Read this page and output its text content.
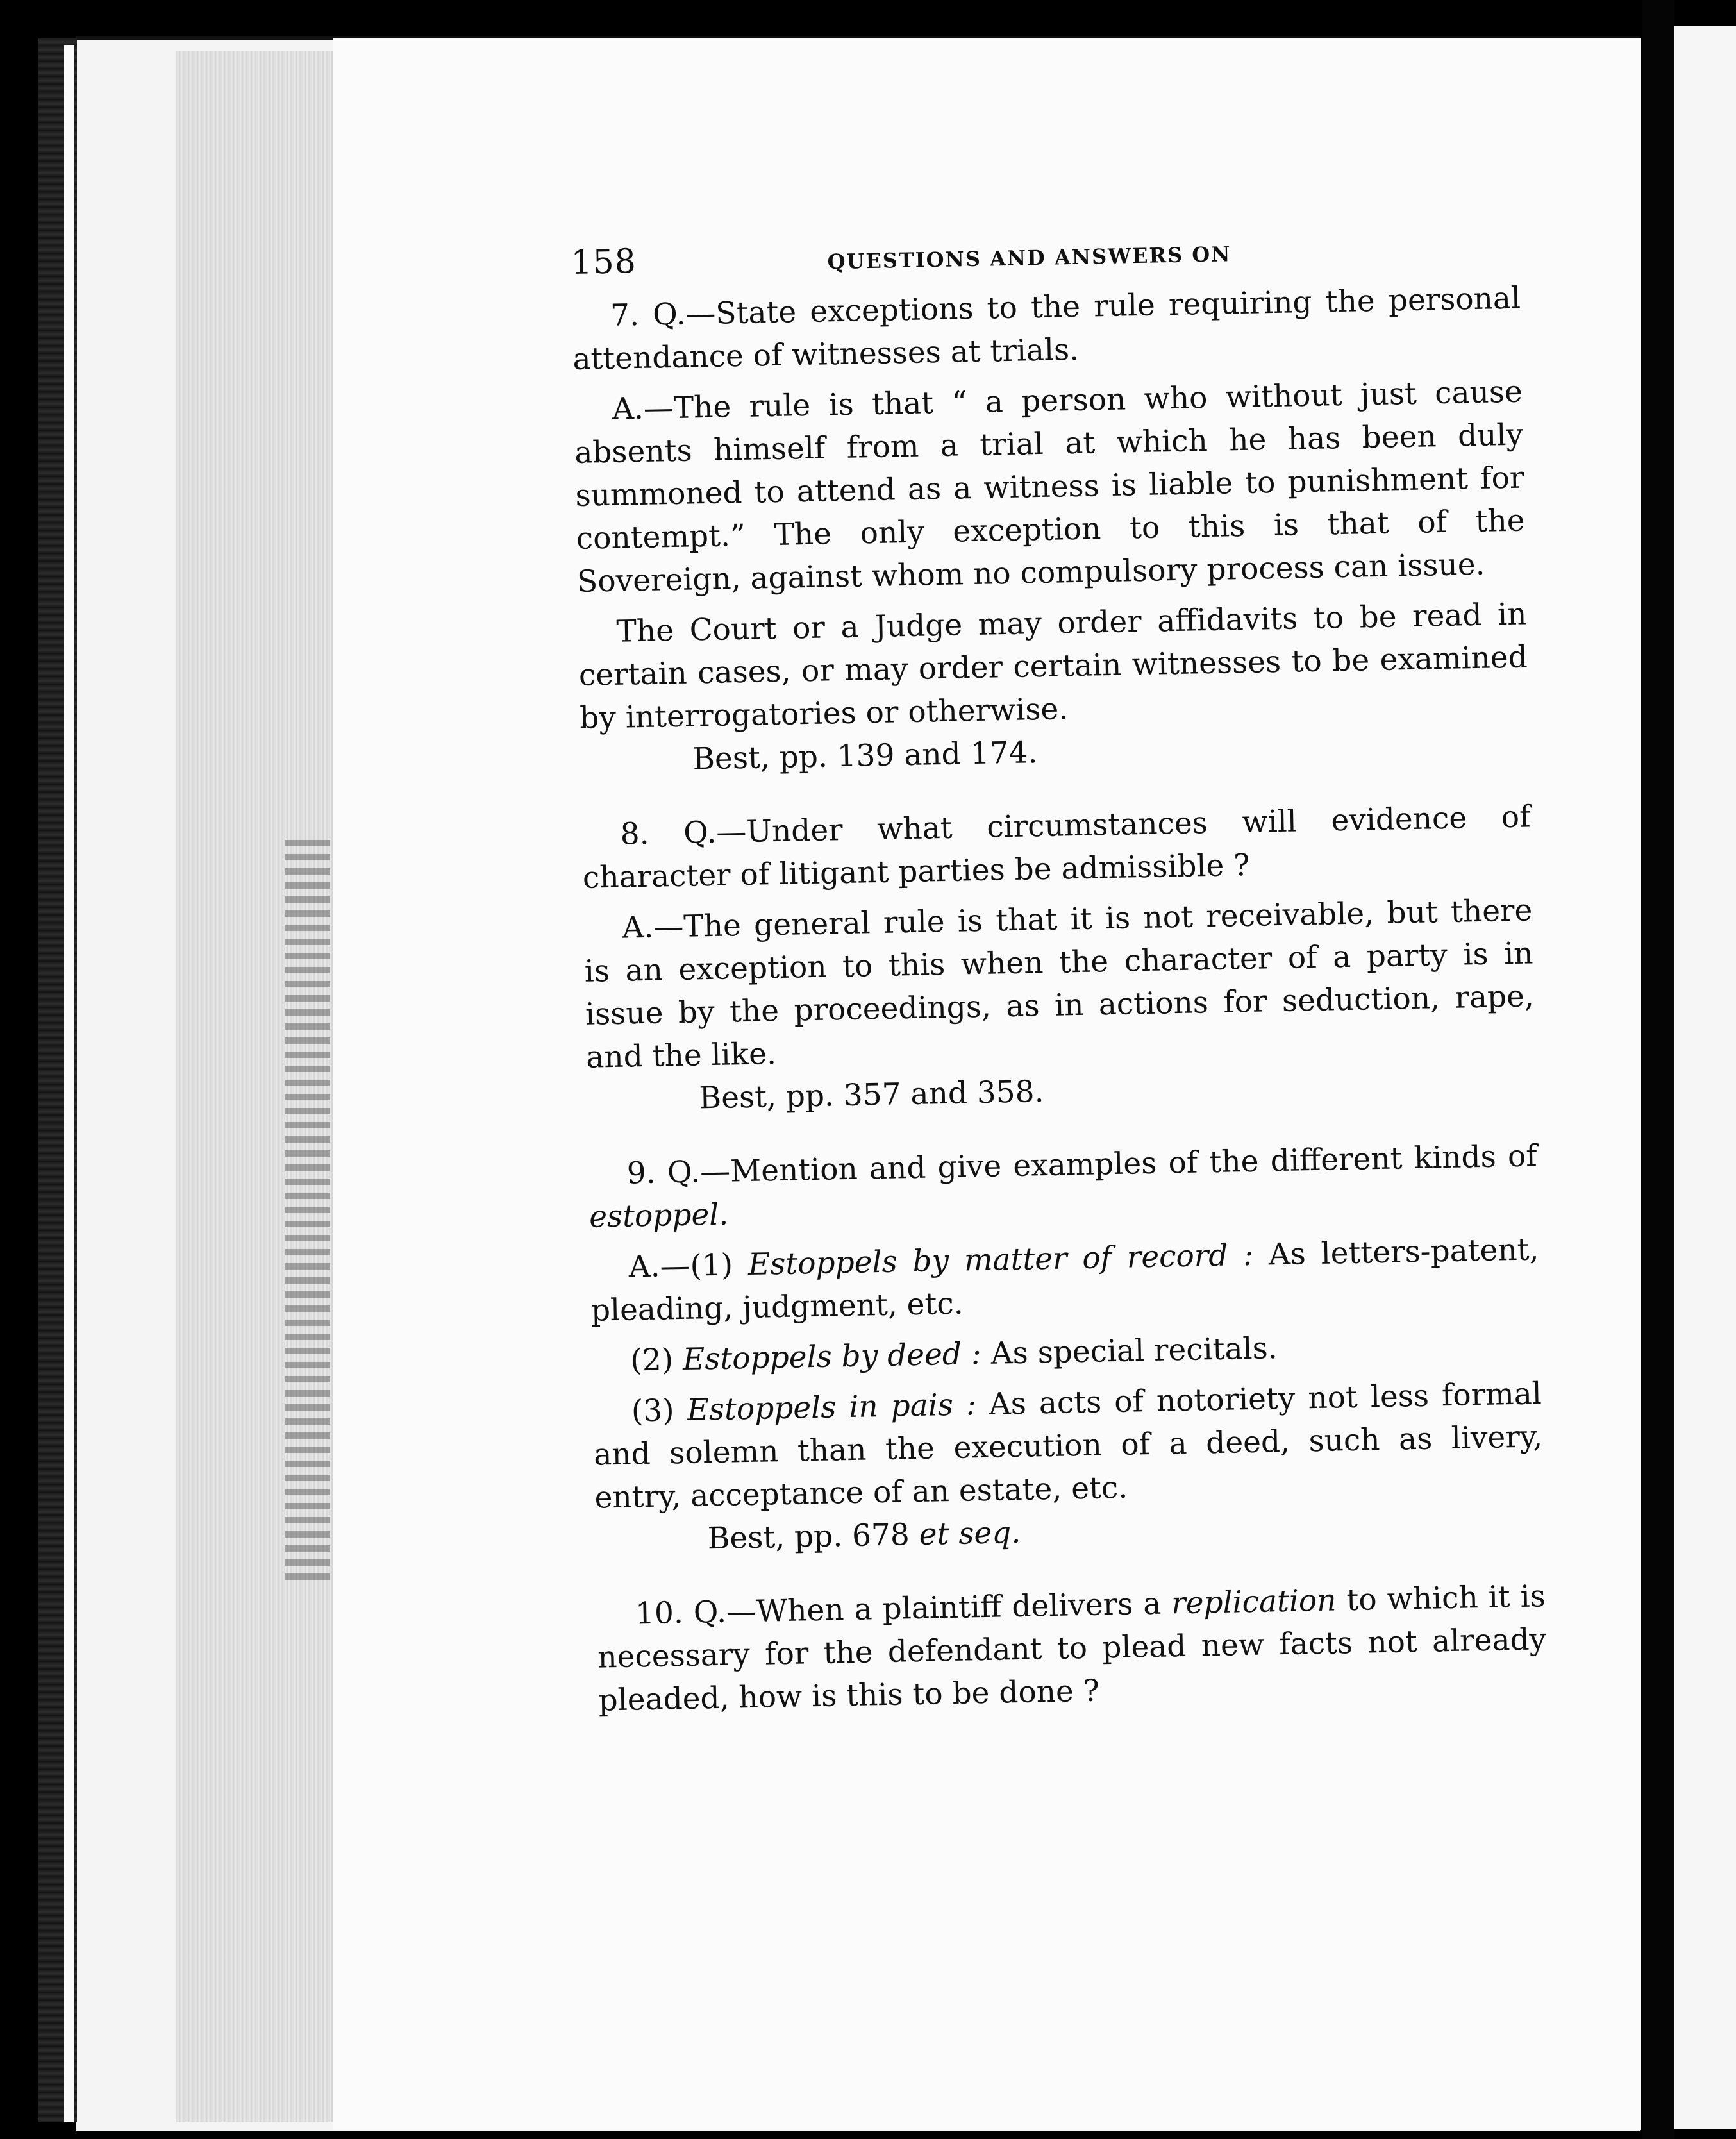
158	QUESTIONS AND ANSWERS ON

7. Q.—State exceptions to the rule requiring the personal attendance of witnesses at trials.

A.—The rule is that “ a person who without just cause absents himself from a trial at which he has been duly summoned to attend as a witness is liable to punishment for contempt.” The only exception to this is that of the Sovereign, against whom no compulsory process can issue.

The Court or a Judge may order affidavits to be read in certain cases, or may order certain witnesses to be examined by interrogatories or otherwise.

Best, pp. 139 and 174.

8. Q.—Under what circumstances will evidence of character of litigant parties be admissible ?

A.—The general rule is that it is not receivable, but there is an exception to this when the character of a party is in issue by the proceedings, as in actions for seduction, rape, and the like.

Best, pp. 357 and 358.

9. Q.—Mention and give examples of the different kinds of estoppel.

A.—(1) Estoppels by matter of record : As letters-patent, pleading, judgment, etc.

(2) Estoppels by deed : As special recitals.

(3) Estoppels in pais : As acts of notoriety not less formal and solemn than the execution of a deed, such as livery, entry, acceptance of an estate, etc.

Best, pp. 678 et seq.

10. Q.—When a plaintiff delivers a replication to which it is necessary for the defendant to plead new facts not already pleaded, how is this to be done ?
